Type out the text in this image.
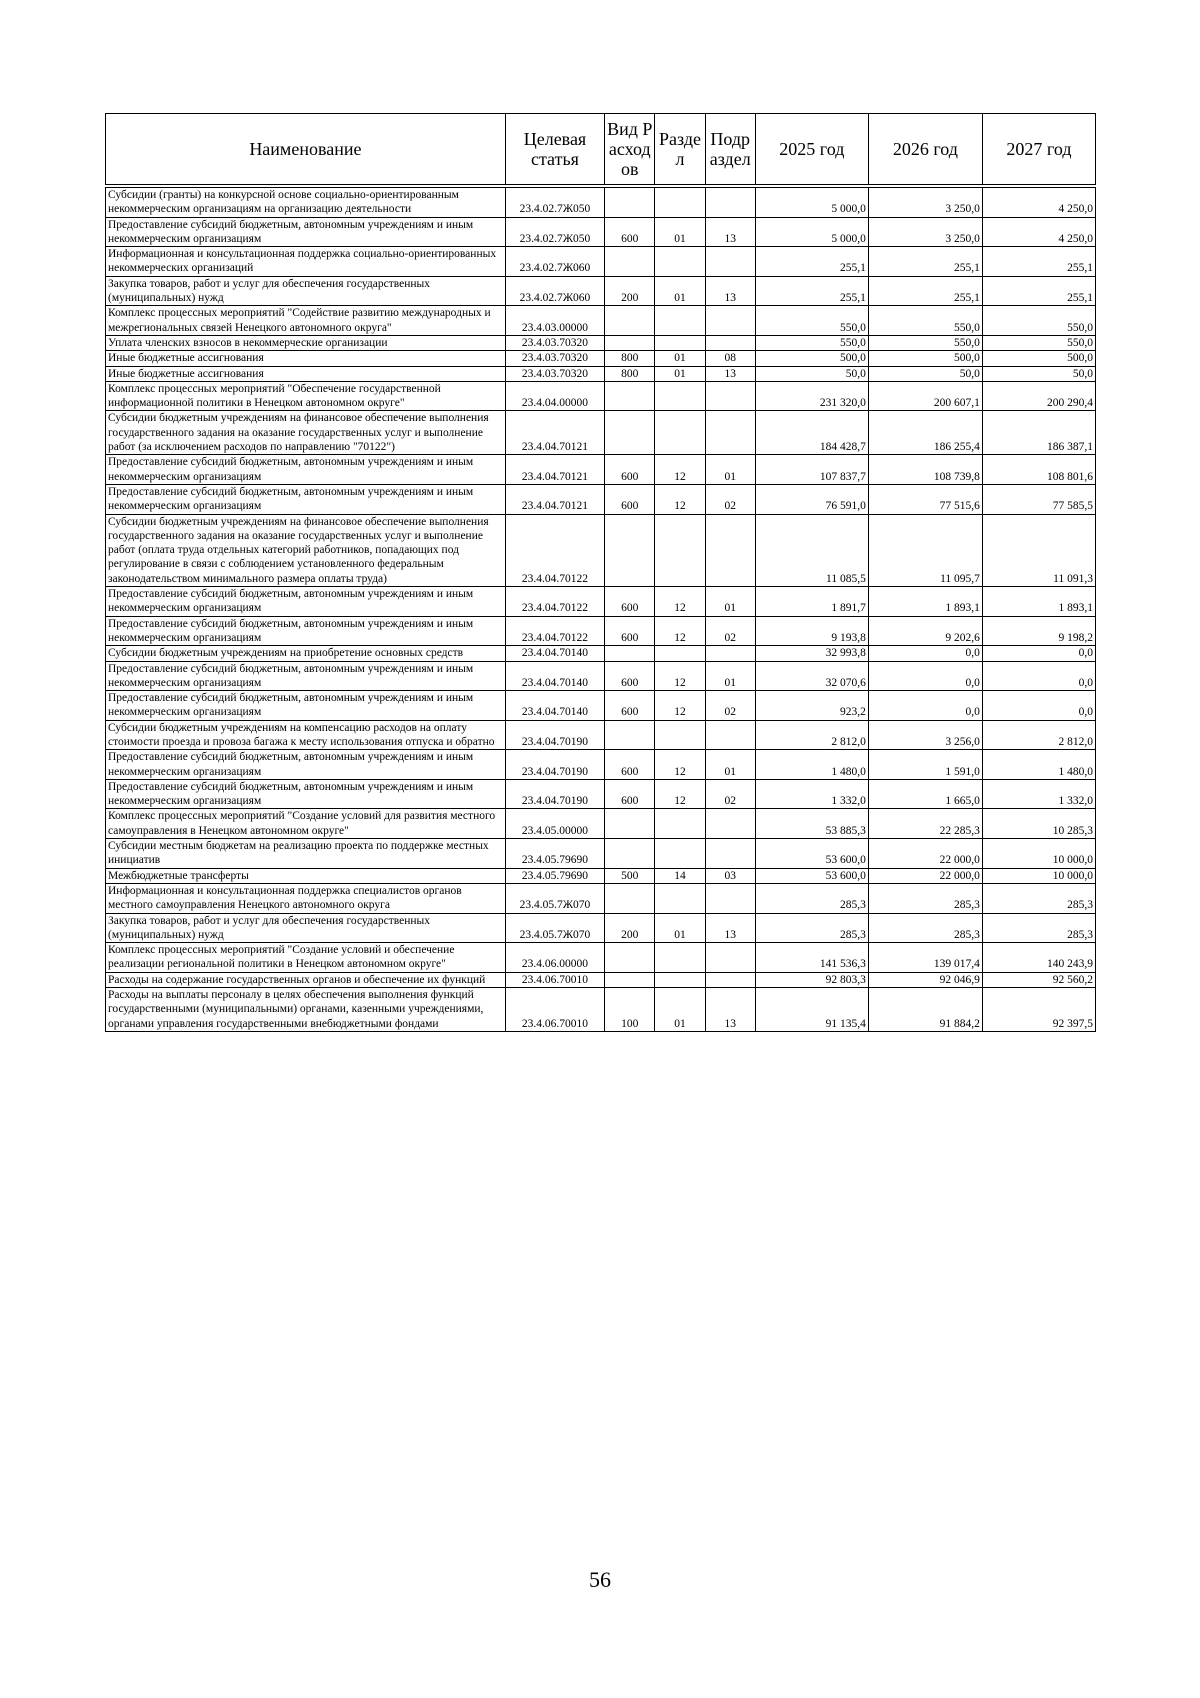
Наименование	Целевая статья	Вид Расходов	Раздел	Подраздел	2025 год	2026 год	2027 год

Субсидии (гранты) на конкурсной основе социально-ориентированным некоммерческим организациям на организацию деятельности	23.4.02.7Ж050				5 000,0	3 250,0	4 250,0
Предоставление субсидий бюджетным, автономным учреждениям и иным некоммерческим организациям	23.4.02.7Ж050	600	01	13	5 000,0	3 250,0	4 250,0
Информационная и консультационная поддержка социально-ориентированных некоммерческих организаций	23.4.02.7Ж060				255,1	255,1	255,1
Закупка товаров, работ и услуг для обеспечения государственных (муниципальных) нужд	23.4.02.7Ж060	200	01	13	255,1	255,1	255,1
Комплекс процессных мероприятий "Содействие развитию международных и межрегиональных связей Ненецкого автономного округа"	23.4.03.00000				550,0	550,0	550,0
Уплата членских взносов в некоммерческие организации	23.4.03.70320				550,0	550,0	550,0
Иные бюджетные ассигнования	23.4.03.70320	800	01	08	500,0	500,0	500,0
Иные бюджетные ассигнования	23.4.03.70320	800	01	13	50,0	50,0	50,0
Комплекс процессных мероприятий "Обеспечение государственной информационной политики в Ненецком автономном округе"	23.4.04.00000				231 320,0	200 607,1	200 290,4
Субсидии бюджетным учреждениям на финансовое обеспечение выполнения государственного задания на оказание государственных услуг и выполнение работ (за исключением расходов по направлению "70122")	23.4.04.70121				184 428,7	186 255,4	186 387,1
Предоставление субсидий бюджетным, автономным учреждениям и иным некоммерческим организациям	23.4.04.70121	600	12	01	107 837,7	108 739,8	108 801,6
Предоставление субсидий бюджетным, автономным учреждениям и иным некоммерческим организациям	23.4.04.70121	600	12	02	76 591,0	77 515,6	77 585,5
Субсидии бюджетным учреждениям на финансовое обеспечение выполнения государственного задания на оказание государственных услуг и выполнение работ (оплата труда отдельных категорий работников, попадающих под регулирование в связи с соблюдением установленного федеральным законодательством минимального размера оплаты труда)	23.4.04.70122				11 085,5	11 095,7	11 091,3
Предоставление субсидий бюджетным, автономным учреждениям и иным некоммерческим организациям	23.4.04.70122	600	12	01	1 891,7	1 893,1	1 893,1
Предоставление субсидий бюджетным, автономным учреждениям и иным некоммерческим организациям	23.4.04.70122	600	12	02	9 193,8	9 202,6	9 198,2
Субсидии бюджетным учреждениям на приобретение основных средств	23.4.04.70140				32 993,8	0,0	0,0
Предоставление субсидий бюджетным, автономным учреждениям и иным некоммерческим организациям	23.4.04.70140	600	12	01	32 070,6	0,0	0,0
Предоставление субсидий бюджетным, автономным учреждениям и иным некоммерческим организациям	23.4.04.70140	600	12	02	923,2	0,0	0,0
Субсидии бюджетным учреждениям на компенсацию расходов на оплату стоимости проезда и провоза багажа к месту использования отпуска и обратно	23.4.04.70190				2 812,0	3 256,0	2 812,0
Предоставление субсидий бюджетным, автономным учреждениям и иным некоммерческим организациям	23.4.04.70190	600	12	01	1 480,0	1 591,0	1 480,0
Предоставление субсидий бюджетным, автономным учреждениям и иным некоммерческим организациям	23.4.04.70190	600	12	02	1 332,0	1 665,0	1 332,0
Комплекс процессных мероприятий "Создание условий для развития местного самоуправления в Ненецком автономном округе"	23.4.05.00000				53 885,3	22 285,3	10 285,3
Субсидии местным бюджетам на реализацию проекта по поддержке местных инициатив	23.4.05.79690				53 600,0	22 000,0	10 000,0
Межбюджетные трансферты	23.4.05.79690	500	14	03	53 600,0	22 000,0	10 000,0
Информационная и консультационная поддержка специалистов органов местного самоуправления Ненецкого автономного округа	23.4.05.7Ж070				285,3	285,3	285,3
Закупка товаров, работ и услуг для обеспечения государственных (муниципальных) нужд	23.4.05.7Ж070	200	01	13	285,3	285,3	285,3
Комплекс процессных мероприятий "Создание условий и обеспечение реализации региональной политики в Ненецком автономном округе"	23.4.06.00000				141 536,3	139 017,4	140 243,9
Расходы на содержание государственных органов и обеспечение их функций	23.4.06.70010				92 803,3	92 046,9	92 560,2
Расходы на выплаты персоналу в целях обеспечения выполнения функций государственными (муниципальными) органами, казенными учреждениями, органами управления государственными внебюджетными фондами	23.4.06.70010	100	01	13	91 135,4	91 884,2	92 397,5
56
